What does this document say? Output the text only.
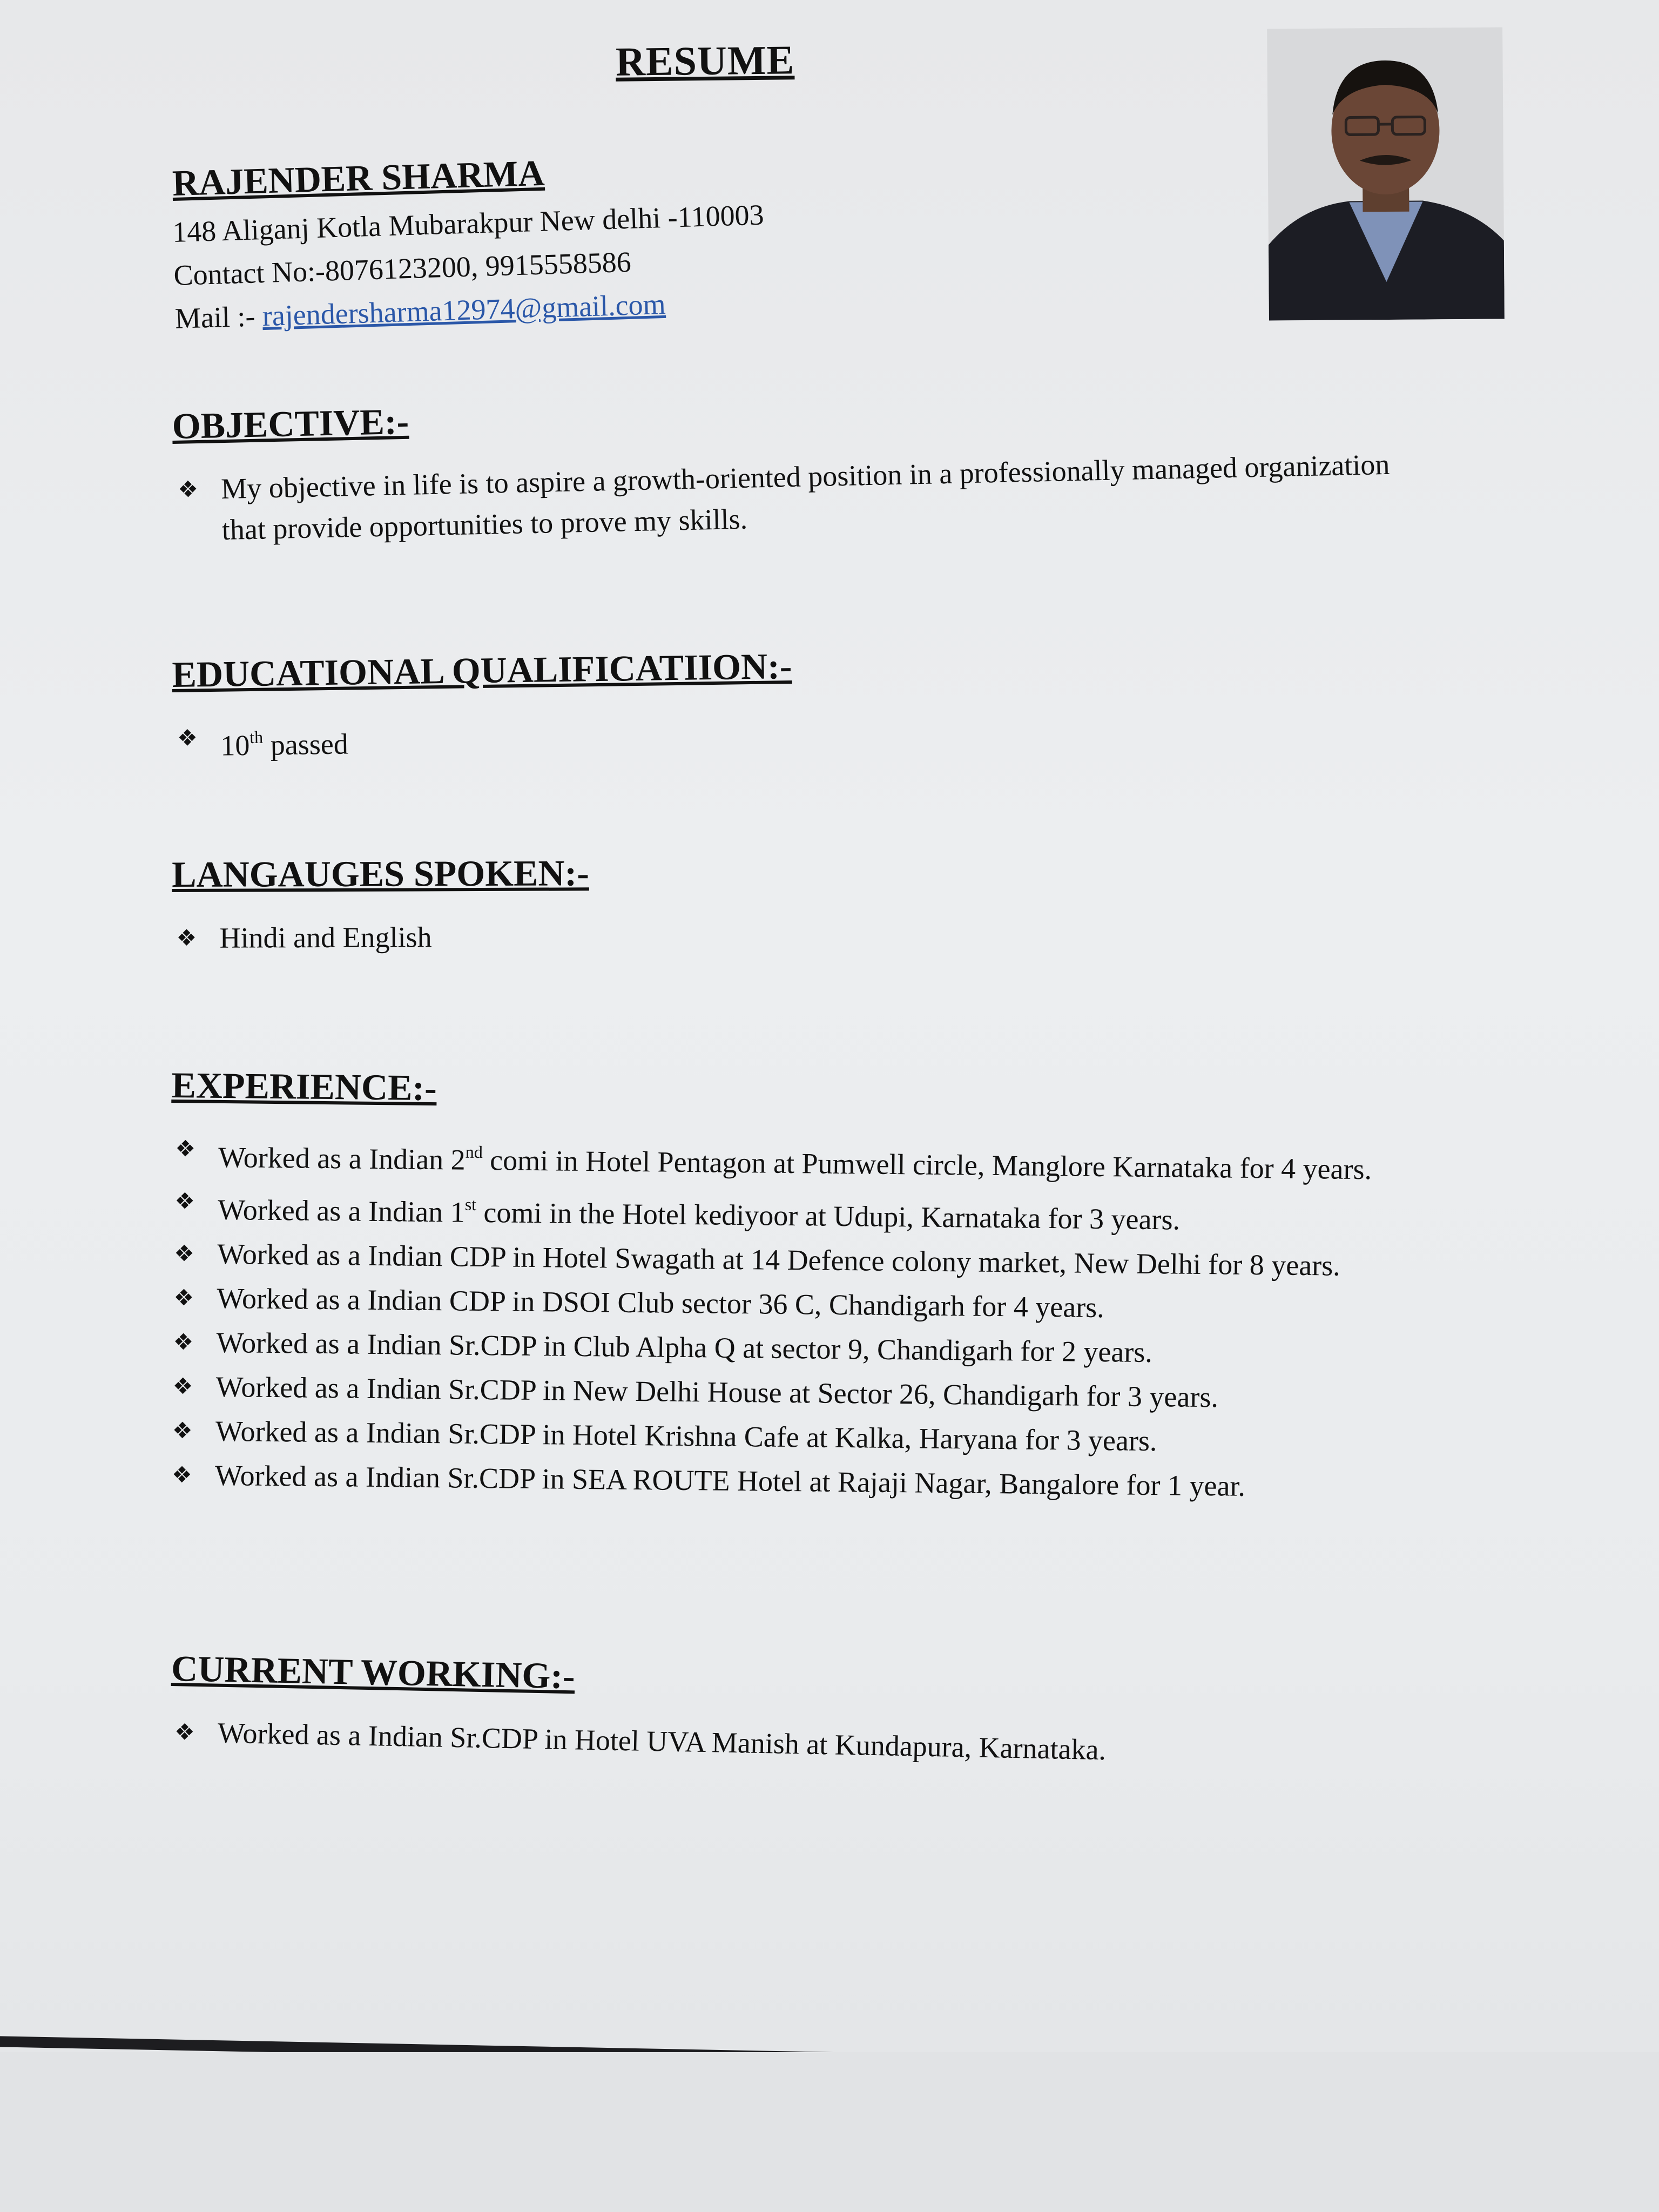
RESUME
RAJENDER SHARMA
148 Aliganj Kotla Mubarakpur New delhi -110003
Contact No:-8076123200, 9915558586
Mail :- rajendersharma12974@gmail.com
OBJECTIVE:-
❖ My objective in life is to aspire a growth-oriented position in a professionally managed organization that provide opportunities to prove my skills.
EDUCATIONAL QUALIFICATIION:-
❖ 10th passed
LANGAUGES SPOKEN:-
❖ Hindi and English
EXPERIENCE:-
❖ Worked as a Indian 2nd comi in Hotel Pentagon at Pumwell circle, Manglore Karnataka for 4 years.
❖ Worked as a Indian 1st comi in the Hotel kediyoor at Udupi, Karnataka for 3 years.
❖ Worked as a Indian CDP in Hotel Swagath at 14 Defence colony market, New Delhi for 8 years.
❖ Worked as a Indian CDP in DSOI Club sector 36 C, Chandigarh for 4 years.
❖ Worked as a Indian Sr.CDP in Club Alpha Q at sector 9, Chandigarh for 2 years.
❖ Worked as a Indian Sr.CDP in New Delhi House at Sector 26, Chandigarh for 3 years.
❖ Worked as a Indian Sr.CDP in Hotel Krishna Cafe at Kalka, Haryana for 3 years.
❖ Worked as a Indian Sr.CDP in SEA ROUTE Hotel at Rajaji Nagar, Bangalore for 1 year.
CURRENT WORKING:-
❖ Worked as a Indian Sr.CDP in Hotel UVA Manish at Kundapura, Karnataka.
